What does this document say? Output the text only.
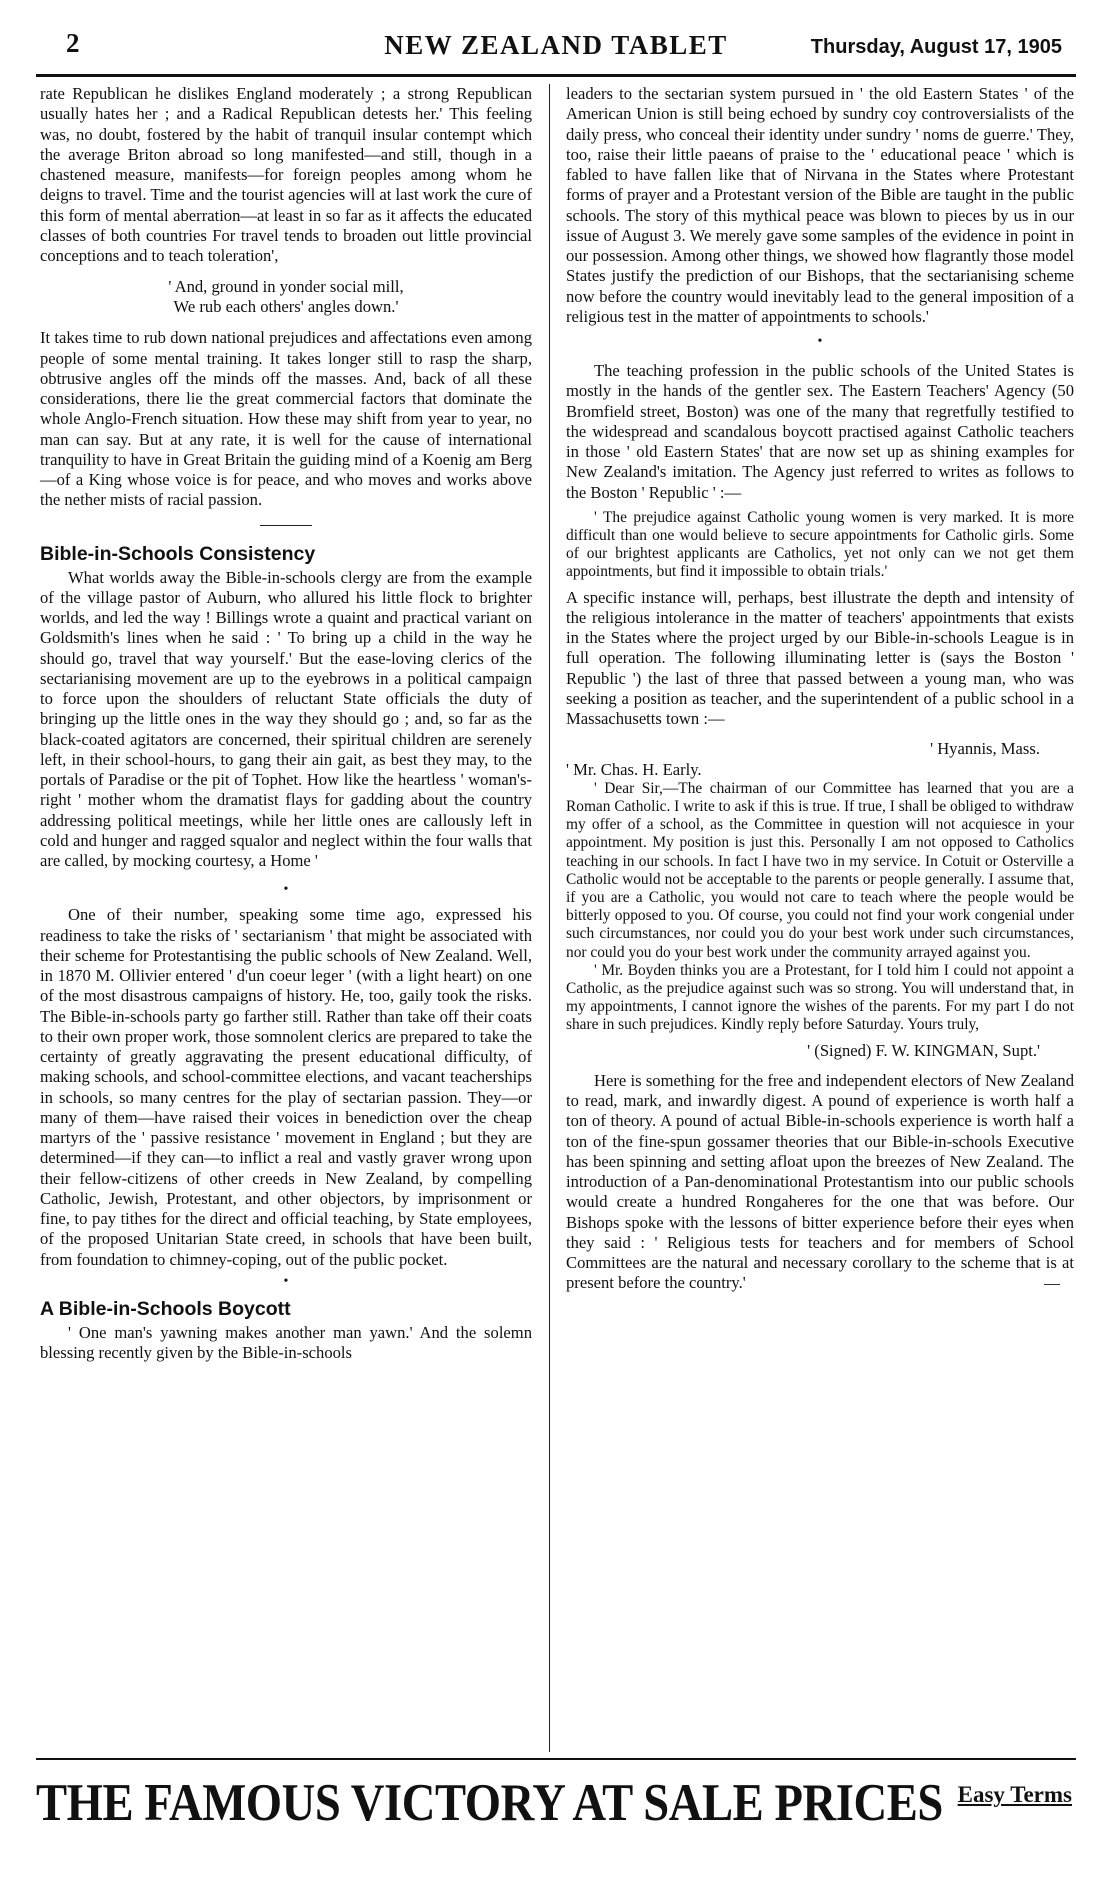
2	NEW ZEALAND TABLET	Thursday, August 17, 1905

rate Republican he dislikes England moderately ; a strong Republican usually hates her ; and a Radical Republican detests her.' This feeling was, no doubt, fostered by the habit of tranquil insular contempt which the average Briton abroad so long manifested—and still, though in a chastened measure, manifests—for foreign peoples among whom he deigns to travel. Time and the tourist agencies will at last work the cure of this form of mental aberration—at least in so far as it affects the educated classes of both countries For travel tends to broaden out little provincial conceptions and to teach toleration',

' And, ground in yonder social mill,
We rub each others' angles down.'

It takes time to rub down national prejudices and affectations even among people of some mental training. It takes longer still to rasp the sharp, obtrusive angles off the minds off the masses. And, back of all these considerations, there lie the great commercial factors that dominate the whole Anglo-French situation. How these may shift from year to year, no man can say. But at any rate, it is well for the cause of international tranquility to have in Great Britain the guiding mind of a Koenig am Berg—of a King whose voice is for peace, and who moves and works above the nether mists of racial passion.

Bible-in-Schools Consistency

What worlds away the Bible-in-schools clergy are from the example of the village pastor of Auburn, who allured his little flock to brighter worlds, and led the way ! Billings wrote a quaint and practical variant on Goldsmith's lines when he said : ' To bring up a child in the way he should go, travel that way yourself.' But the ease-loving clerics of the sectarianising movement are up to the eyebrows in a political campaign to force upon the shoulders of reluctant State officials the duty of bringing up the little ones in the way they should go ; and, so far as the black-coated agitators are concerned, their spiritual children are serenely left, in their school-hours, to gang their ain gait, as best they may, to the portals of Paradise or the pit of Tophet. How like the heartless ' woman's-right ' mother whom the dramatist flays for gadding about the country addressing political meetings, while her little ones are callously left in cold and hunger and ragged squalor and neglect within the four walls that are called, by mocking courtesy, a Home '

•

One of their number, speaking some time ago, expressed his readiness to take the risks of ' sectarianism ' that might be associated with their scheme for Protestantising the public schools of New Zealand. Well, in 1870 M. Ollivier entered ' d'un coeur leger ' (with a light heart) on one of the most disastrous campaigns of history. He, too, gaily took the risks. The Bible-in-schools party go farther still. Rather than take off their coats to their own proper work, those somnolent clerics are prepared to take the certainty of greatly aggravating the present educational difficulty, of making schools, and school-committee elections, and vacant teacherships in schools, so many centres for the play of sectarian passion. They—or many of them—have raised their voices in benediction over the cheap martyrs of the ' passive resistance ' movement in England ; but they are determined—if they can—to inflict a real and vastly graver wrong upon their fellow-citizens of other creeds in New Zealand, by compelling Catholic, Jewish, Protestant, and other objectors, by imprisonment or fine, to pay tithes for the direct and official teaching, by State employees, of the proposed Unitarian State creed, in schools that have been built, from foundation to chimney-coping, out of the public pocket.

•

A Bible-in-Schools Boycott

' One man's yawning makes another man yawn.' And the solemn blessing recently given by the Bible-in-schools

leaders to the sectarian system pursued in ' the old Eastern States ' of the American Union is still being echoed by sundry coy controversialists of the daily press, who conceal their identity under sundry ' noms de guerre.' They, too, raise their little paeans of praise to the ' educational peace ' which is fabled to have fallen like that of Nirvana in the States where Protestant forms of prayer and a Protestant version of the Bible are taught in the public schools. The story of this mythical peace was blown to pieces by us in our issue of August 3. We merely gave some samples of the evidence in point in our possession. Among other things, we showed how flagrantly those model States justify the prediction of our Bishops, that the sectarianising scheme now before the country would inevitably lead to the general imposition of a religious test in the matter of appointments to schools.'

•

The teaching profession in the public schools of the United States is mostly in the hands of the gentler sex. The Eastern Teachers' Agency (50 Bromfield street, Boston) was one of the many that regretfully testified to the widespread and scandalous boycott practised against Catholic teachers in those ' old Eastern States' that are now set up as shining examples for New Zealand's imitation. The Agency just referred to writes as follows to the Boston ' Republic ' :—

' The prejudice against Catholic young women is very marked. It is more difficult than one would believe to secure appointments for Catholic girls. Some of our brightest applicants are Catholics, yet not only can we not get them appointments, but find it impossible to obtain trials.'

A specific instance will, perhaps, best illustrate the depth and intensity of the religious intolerance in the matter of teachers' appointments that exists in the States where the project urged by our Bible-in-schools League is in full operation. The following illuminating letter is (says the Boston ' Republic ') the last of three that passed between a young man, who was seeking a position as teacher, and the superintendent of a public school in a Massachusetts town :—

' Hyannis, Mass.

' Mr. Chas. H. Early.

' Dear Sir,—The chairman of our Committee has learned that you are a Roman Catholic. I write to ask if this is true. If true, I shall be obliged to withdraw my offer of a school, as the Committee in question will not acquiesce in your appointment. My position is just this. Personally I am not opposed to Catholics teaching in our schools. In fact I have two in my service. In Cotuit or Osterville a Catholic would not be acceptable to the parents or people generally. I assume that, if you are a Catholic, you would not care to teach where the people would be bitterly opposed to you. Of course, you could not find your work congenial under such circumstances, nor could you do your best work under such circumstances, nor could you do your best work under the community arrayed against you.

' Mr. Boyden thinks you are a Protestant, for I told him I could not appoint a Catholic, as the prejudice against such was so strong. You will understand that, in my appointments, I cannot ignore the wishes of the parents. For my part I do not share in such prejudices. Kindly reply before Saturday. Yours truly,

' (Signed) F. W. KINGMAN, Supt.'

Here is something for the free and independent electors of New Zealand to read, mark, and inwardly digest. A pound of experience is worth half a ton of theory. A pound of actual Bible-in-schools experience is worth half a ton of the fine-spun gossamer theories that our Bible-in-schools Executive has been spinning and setting afloat upon the breezes of New Zealand. The introduction of a Pan-denominational Protestantism into our public schools would create a hundred Rongaheres for the one that was before. Our Bishops spoke with the lessons of bitter experience before their eyes when they said : ' Religious tests for teachers and for members of School Committees are the natural and necessary corollary to the scheme that is at present before the country.'

THE FAMOUS VICTORY AT SALE PRICES Easy Terms
